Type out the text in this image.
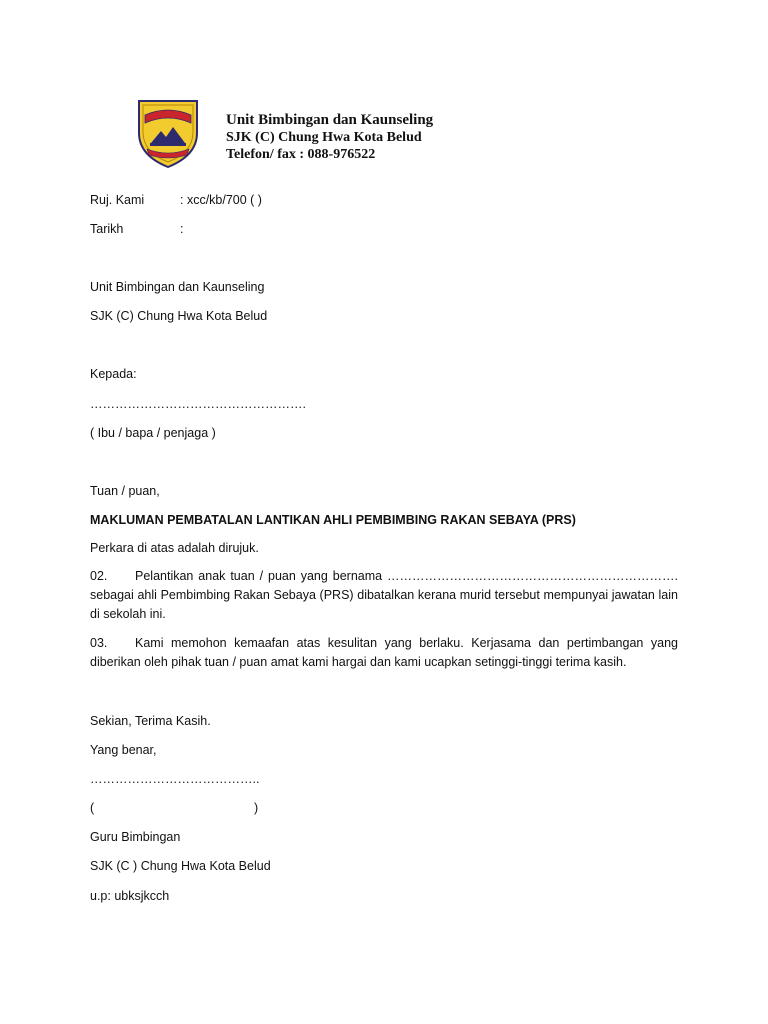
Unit Bimbingan dan Kaunseling
SJK (C) Chung Hwa Kota Belud
Telefon/ fax : 088-976522
Ruj. Kami	: xcc/kb/700 ( )
Tarikh	:
Unit Bimbingan dan Kaunseling
SJK (C) Chung Hwa Kota Belud
Kepada:
…………………………………………….
( Ibu / bapa / penjaga )
Tuan / puan,
MAKLUMAN PEMBATALAN LANTIKAN AHLI PEMBIMBING RAKAN SEBAYA (PRS)
Perkara di atas adalah dirujuk.
02. Pelantikan anak tuan / puan yang bernama ……………………………………………………………. sebagai ahli Pembimbing Rakan Sebaya (PRS) dibatalkan kerana murid tersebut mempunyai jawatan lain di sekolah ini.
03. Kami memohon kemaafan atas kesulitan yang berlaku. Kerjasama dan pertimbangan yang diberikan oleh pihak tuan / puan amat kami hargai dan kami ucapkan setinggi-tinggi terima kasih.
Sekian, Terima Kasih.
Yang benar,
…………………………………..
(	)
Guru Bimbingan
SJK (C ) Chung Hwa Kota Belud
u.p: ubksjkcch
